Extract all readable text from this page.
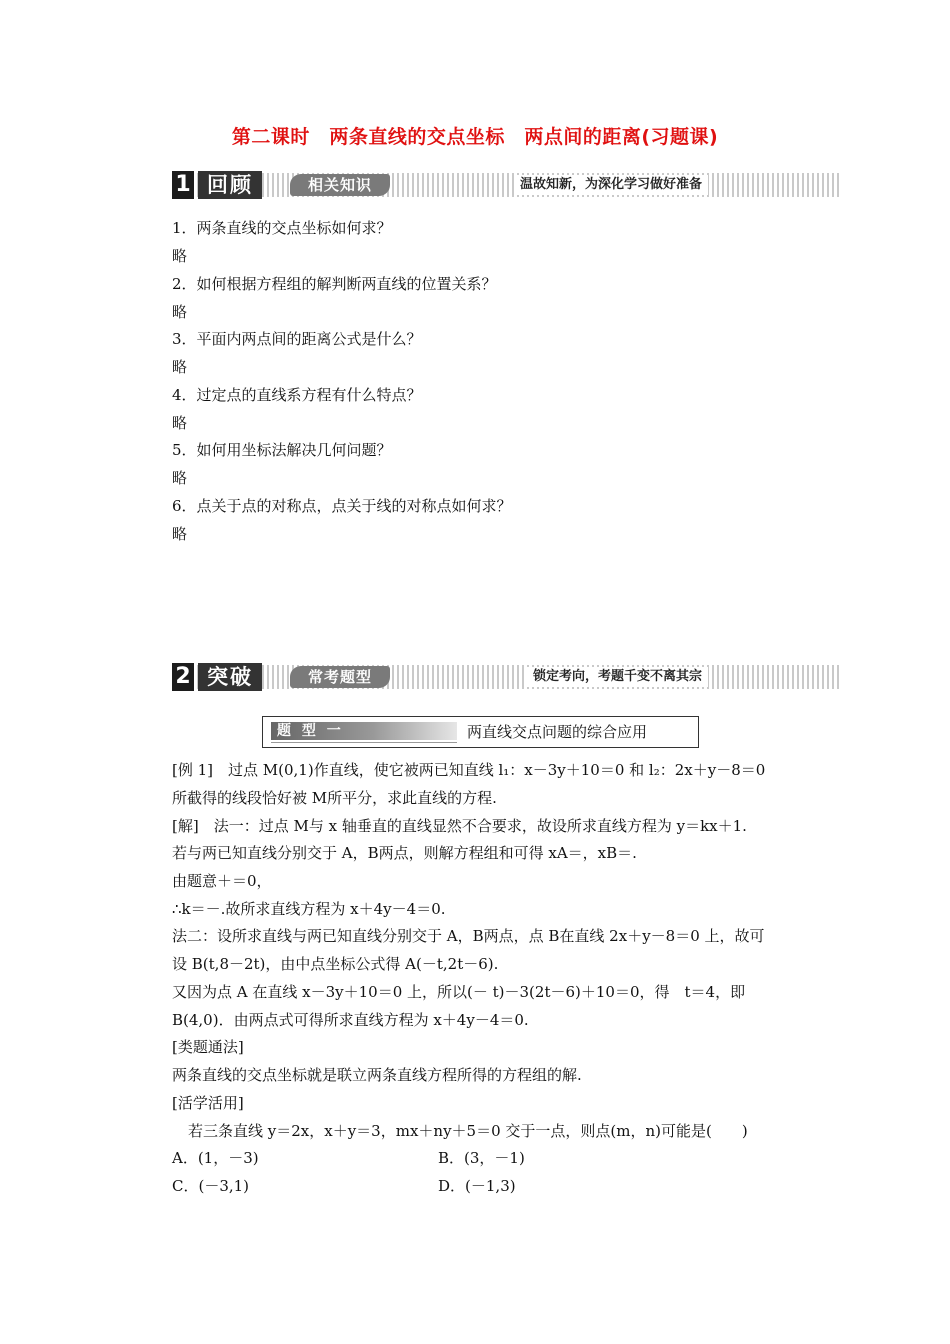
第二课时　两条直线的交点坐标　两点间的距离(习题课)
1 回顾	相关知识	温故知新，为深化学习做好准备
1．两条直线的交点坐标如何求？
略
2．如何根据方程组的解判断两直线的位置关系？
略
3．平面内两点间的距离公式是什么？
略
4．过定点的直线系方程有什么特点？
略
5．如何用坐标法解决几何问题？
略
6．点关于点的对称点，点关于线的对称点如何求？
略
2 突破	常考题型	锁定考向，考题千变不离其宗
题 型 一	两直线交点问题的综合应用
[例 1]　过点 M(0,1)作直线，使它被两已知直线 l₁：x－3y＋10＝0 和 l₂：2x＋y－8＝0
所截得的线段恰好被 M所平分，求此直线的方程.
[解]　法一：过点 M与 x 轴垂直的直线显然不合要求，故设所求直线方程为 y＝kx＋1.
若与两已知直线分别交于 A，B两点，则解方程组和可得 xA＝，xB＝.
由题意＋＝0，
∴k＝－.故所求直线方程为 x＋4y－4＝0.
法二：设所求直线与两已知直线分别交于 A，B两点，点 B在直线 2x＋y－8＝0 上，故可
设 B(t,8－2t)，由中点坐标公式得 A(－t,2t－6).
又因为点 A 在直线 x－3y＋10＝0 上，所以(－ t)－3(2t－6)＋10＝0，得　t＝4，即
B(4,0)．由两点式可得所求直线方程为 x＋4y－4＝0.
[类题通法]
两条直线的交点坐标就是联立两条直线方程所得的方程组的解.
[活学活用]
若三条直线 y＝2x，x＋y＝3，mx＋ny＋5＝0 交于一点，则点(m，n)可能是(　　)
A．(1，－3)	B．(3，－1)
C．(－3,1)	D．(－1,3)
